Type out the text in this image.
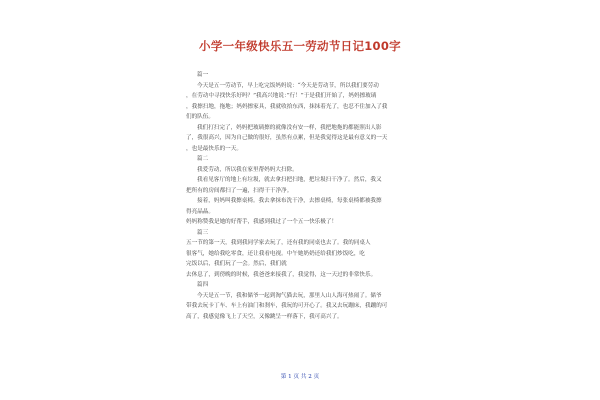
小学一年级快乐五一劳动节日记100字

篇一

今天是五一劳动节，早上吃完饭妈妈说：“今天是劳动节，所以我们要劳动

，在劳动中寻找快乐好吗？”我高兴地说：”行！”于是我们开始了，妈妈擦玻璃

，我擦扫地，拖地；妈妈擦家具，我就收拾东西，抹抹着光了，也忍不住加入了我

们的队伍。

我们打扫完了，妈妈把玻璃擦的就像没有安一样，我把地拖的都能照出人影

了，我很高兴，因为自己做的很好，虽然有点累，但是我觉得这是最有意义的一天

，也是最快乐的一天。

篇二

我爱劳动，所以我在家里帮妈妈大扫除。

我看见客厅的地上有垃圾，就去拿扫把扫地，把垃圾扫干净了。然后，我又

把所有的房间都扫了一遍，扫得干干净净。

接着，妈妈叫我擦桌椅。我去拿抹布洗干净，去擦桌椅，每张桌椅都被我擦

得亮晶晶。

妈妈称赞我是她的好帮手，我感到我过了一个五一快乐极了！

篇三

五一节的第一天，我到我同学家去玩了，还有我的同桌也去了。我的同桌人

很客气，她给我吃零食，还让我看电视。中午她奶奶还给我们炒饭吃，吃

完饭以后，我们玩了一会。然后，我们就

去休息了，到傍晚的时候，我爸爸来接我了，我觉得，这一天过的非常快乐。

篇四

今天是五一节，我和储爷一起到淘气猫去玩，那里人山人海可热闹了。储爷

带我去玩卡丁车、车上有油门和刹车，我玩的可开心了。我又去玩蹦床，我蹦的可

高了，我感觉像飞上了天空，又像跳呈一样落下，我可高兴了。

第 1 页 共 2 页
